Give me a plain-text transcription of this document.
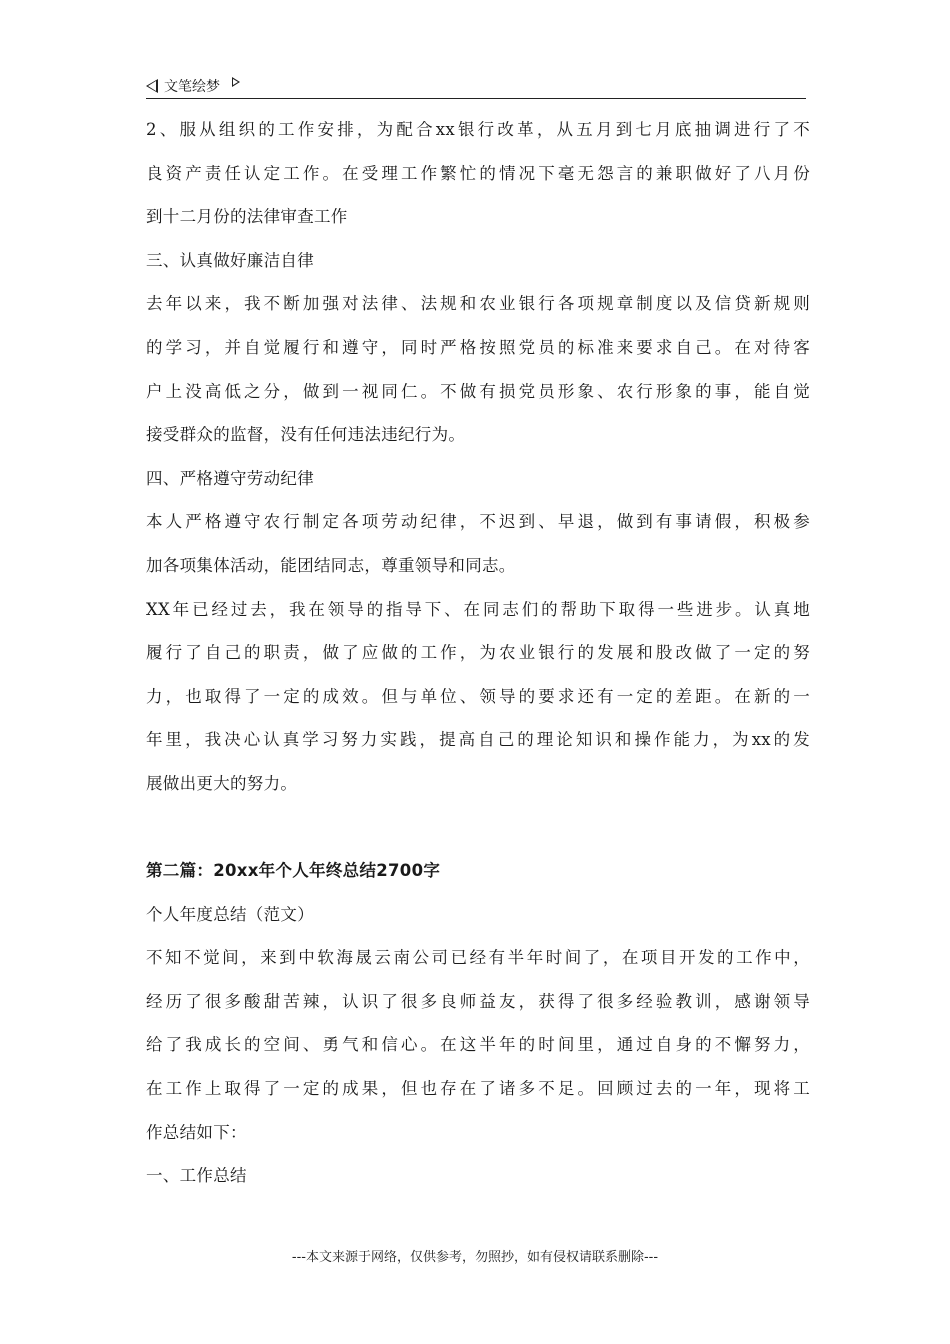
文笔绘梦
2、服从组织的工作安排，为配合xx银行改革，从五月到七月底抽调进行了不
良资产责任认定工作。在受理工作繁忙的情况下毫无怨言的兼职做好了八月份
到十二月份的法律审查工作
三、认真做好廉洁自律
去年以来，我不断加强对法律、法规和农业银行各项规章制度以及信贷新规则
的学习，并自觉履行和遵守，同时严格按照党员的标准来要求自己。在对待客
户上没高低之分，做到一视同仁。不做有损党员形象、农行形象的事，能自觉
接受群众的监督，没有任何违法违纪行为。
四、严格遵守劳动纪律
本人严格遵守农行制定各项劳动纪律，不迟到、早退，做到有事请假，积极参
加各项集体活动，能团结同志，尊重领导和同志。
XX年已经过去，我在领导的指导下、在同志们的帮助下取得一些进步。认真地
履行了自己的职责，做了应做的工作，为农业银行的发展和股改做了一定的努
力，也取得了一定的成效。但与单位、领导的要求还有一定的差距。在新的一
年里，我决心认真学习努力实践，提高自己的理论知识和操作能力，为xx的发
展做出更大的努力。
第二篇：20xx年个人年终总结2700字
个人年度总结（范文）
不知不觉间，来到中软海晟云南公司已经有半年时间了，在项目开发的工作中，
经历了很多酸甜苦辣，认识了很多良师益友，获得了很多经验教训，感谢领导
给了我成长的空间、勇气和信心。在这半年的时间里，通过自身的不懈努力，
在工作上取得了一定的成果，但也存在了诸多不足。回顾过去的一年，现将工
作总结如下：
一、工作总结
---本文来源于网络，仅供参考，勿照抄，如有侵权请联系删除---
